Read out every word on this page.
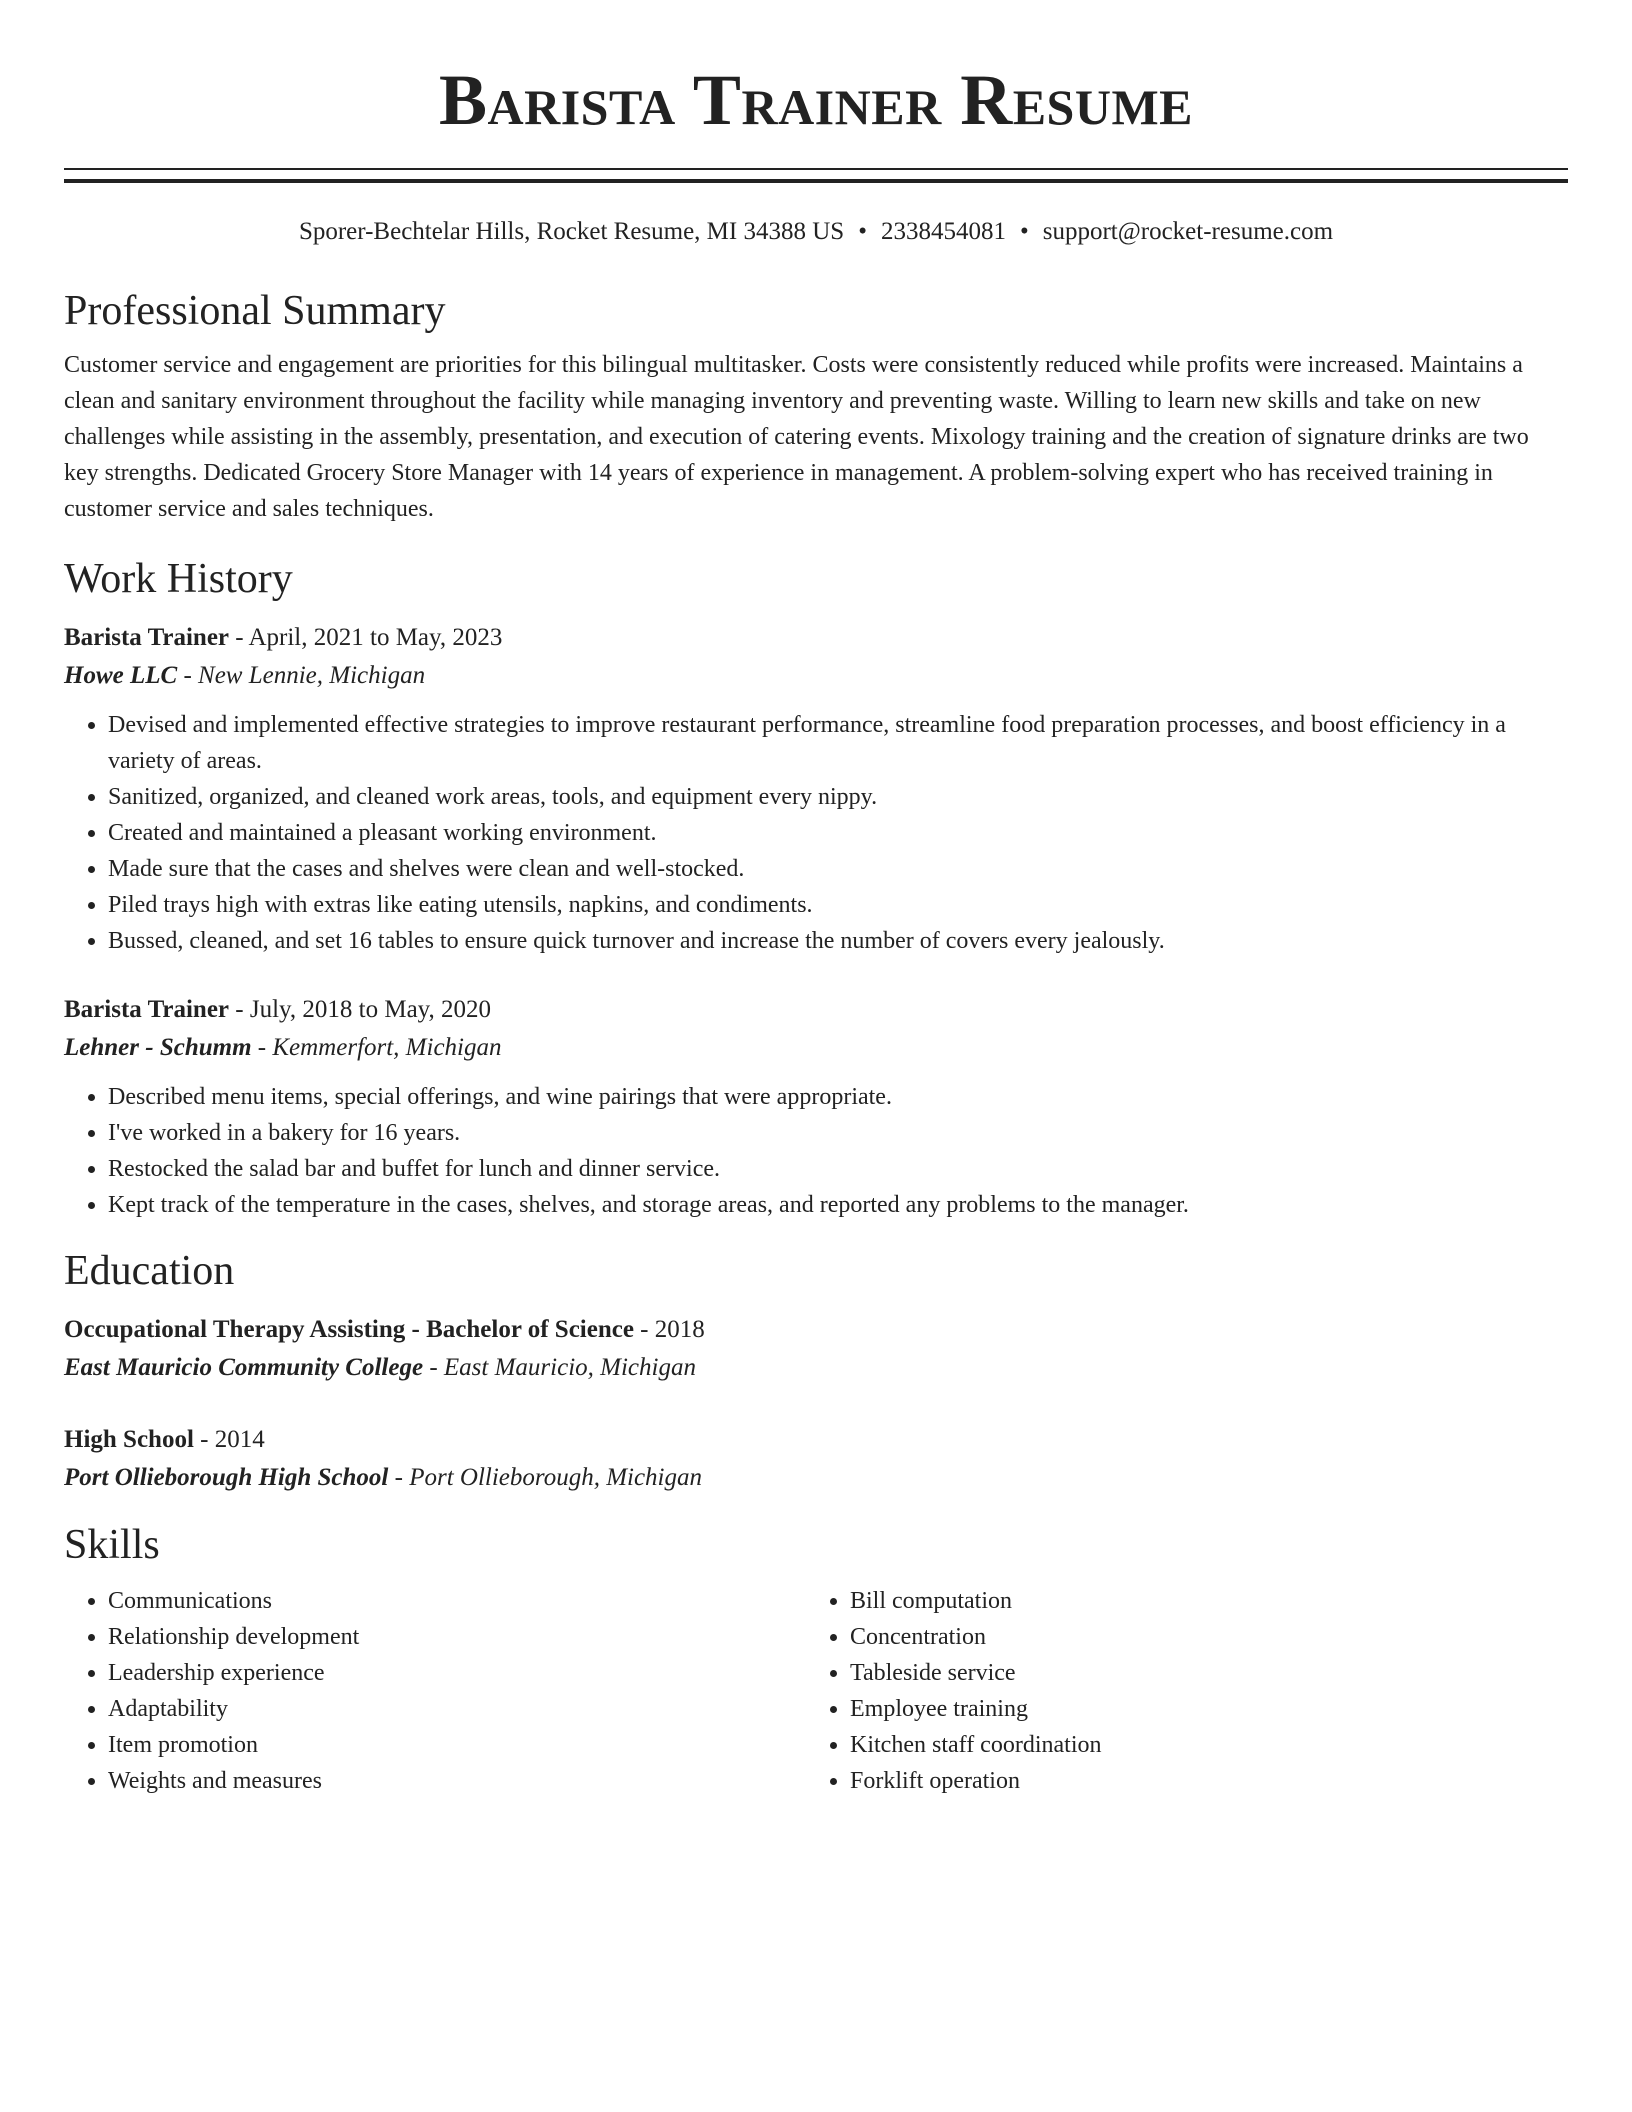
Barista Trainer Resume
Sporer-Bechtelar Hills, Rocket Resume, MI 34388 US • 2338454081 • support@rocket-resume.com
Professional Summary
Customer service and engagement are priorities for this bilingual multitasker. Costs were consistently reduced while profits were increased. Maintains a clean and sanitary environment throughout the facility while managing inventory and preventing waste. Willing to learn new skills and take on new challenges while assisting in the assembly, presentation, and execution of catering events. Mixology training and the creation of signature drinks are two key strengths. Dedicated Grocery Store Manager with 14 years of experience in management. A problem-solving expert who has received training in customer service and sales techniques.
Work History
Barista Trainer - April, 2021 to May, 2023
Howe LLC - New Lennie, Michigan
• Devised and implemented effective strategies to improve restaurant performance, streamline food preparation processes, and boost efficiency in a variety of areas.
• Sanitized, organized, and cleaned work areas, tools, and equipment every nippy.
• Created and maintained a pleasant working environment.
• Made sure that the cases and shelves were clean and well-stocked.
• Piled trays high with extras like eating utensils, napkins, and condiments.
• Bussed, cleaned, and set 16 tables to ensure quick turnover and increase the number of covers every jealously.
Barista Trainer - July, 2018 to May, 2020
Lehner - Schumm - Kemmerfort, Michigan
• Described menu items, special offerings, and wine pairings that were appropriate.
• I've worked in a bakery for 16 years.
• Restocked the salad bar and buffet for lunch and dinner service.
• Kept track of the temperature in the cases, shelves, and storage areas, and reported any problems to the manager.
Education
Occupational Therapy Assisting - Bachelor of Science - 2018
East Mauricio Community College - East Mauricio, Michigan
High School - 2014
Port Ollieborough High School - Port Ollieborough, Michigan
Skills
• Communications
• Relationship development
• Leadership experience
• Adaptability
• Item promotion
• Weights and measures
• Bill computation
• Concentration
• Tableside service
• Employee training
• Kitchen staff coordination
• Forklift operation
